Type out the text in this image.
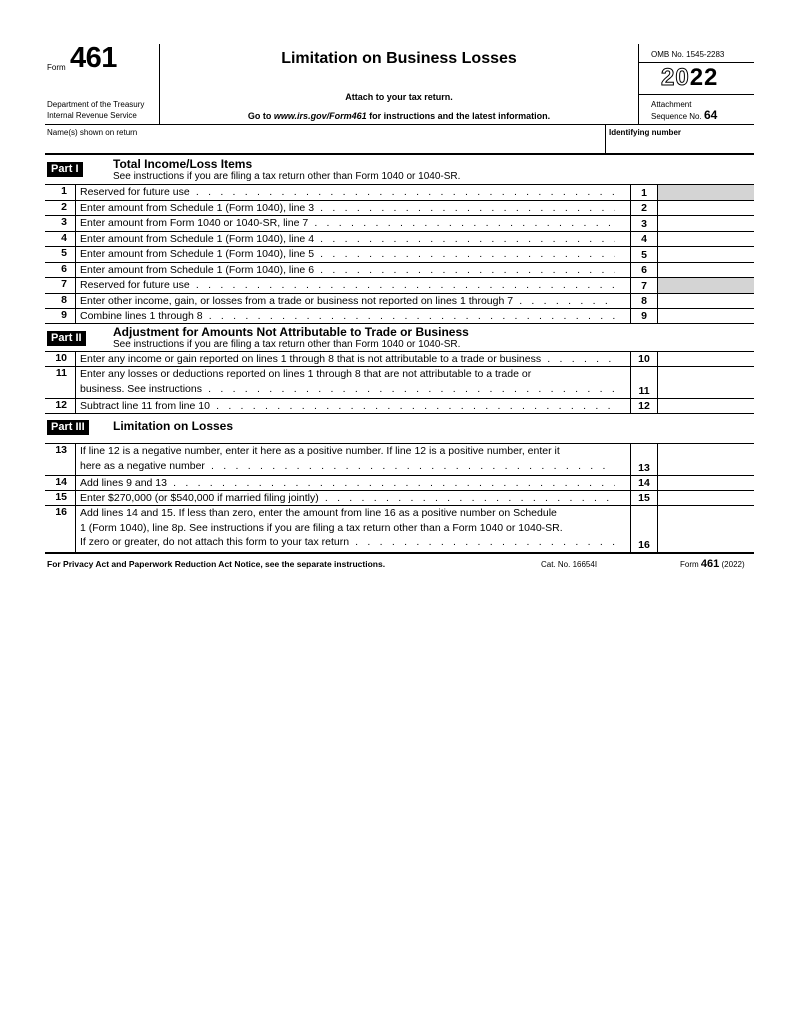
Form 461
Department of the Treasury
Internal Revenue Service
Limitation on Business Losses
Attach to your tax return.
Go to www.irs.gov/Form461 for instructions and the latest information.
OMB No. 1545-2283
2022
Attachment
Sequence No. 64
Name(s) shown on return	Identifying number
Part I	Total Income/Loss Items
See instructions if you are filing a tax return other than Form 1040 or 1040-SR.
1 Reserved for future use . . .	1
2 Enter amount from Schedule 1 (Form 1040), line 3 . . .	2
3 Enter amount from Form 1040 or 1040-SR, line 7 . . .	3
4 Enter amount from Schedule 1 (Form 1040), line 4 . . .	4
5 Enter amount from Schedule 1 (Form 1040), line 5 . . .	5
6 Enter amount from Schedule 1 (Form 1040), line 6 . . .	6
7 Reserved for future use . . .	7
8 Enter other income, gain, or losses from a trade or business not reported on lines 1 through 7 . . .	8
9 Combine lines 1 through 8 . . .	9
Part II	Adjustment for Amounts Not Attributable to Trade or Business
See instructions if you are filing a tax return other than Form 1040 or 1040-SR.
10 Enter any income or gain reported on lines 1 through 8 that is not attributable to a trade or business . . .	10
11 Enter any losses or deductions reported on lines 1 through 8 that are not attributable to a trade or
business. See instructions . . .	11
12 Subtract line 11 from line 10 . . .	12
Part III	Limitation on Losses
13 If line 12 is a negative number, enter it here as a positive number. If line 12 is a positive number, enter it
here as a negative number . . .	13
14 Add lines 9 and 13 . . .	14
15 Enter $270,000 (or $540,000 if married filing jointly) . . .	15
16 Add lines 14 and 15. If less than zero, enter the amount from line 16 as a positive number on Schedule
1 (Form 1040), line 8p. See instructions if you are filing a tax return other than a Form 1040 or 1040-SR.
If zero or greater, do not attach this form to your tax return . . .	16
For Privacy Act and Paperwork Reduction Act Notice, see the separate instructions.	Cat. No. 16654I	Form 461 (2022)
